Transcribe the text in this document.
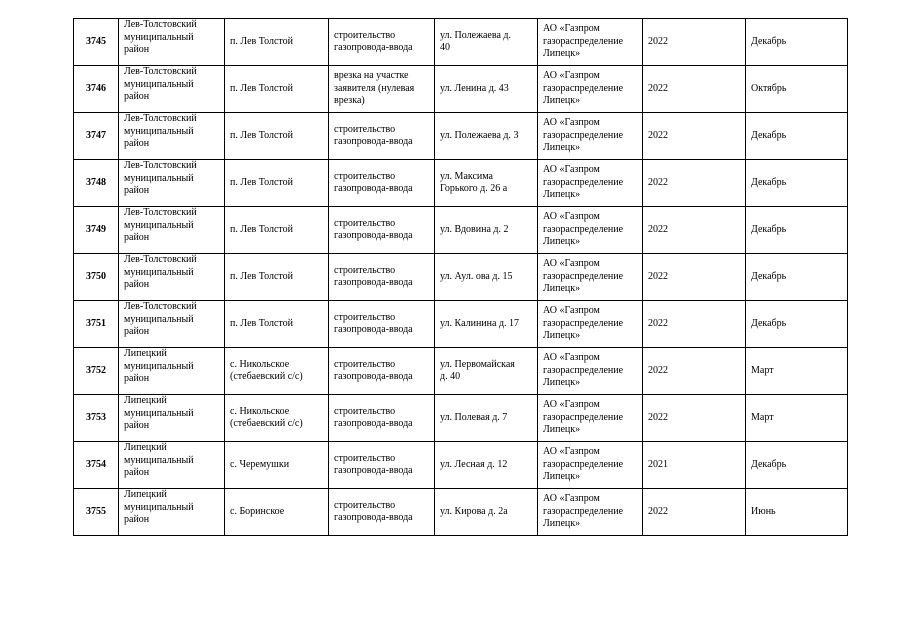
3745	Лев-Толстовский
муниципальный
район	п. Лев Толстой	строительство
газопровода-ввода	ул. Полежаева д.
40	АО «Газпром
газораспределение
Липецк»	2022	Декабрь
3746	Лев-Толстовский
муниципальный
район	п. Лев Толстой	врезка на участке
заявителя (нулевая
врезка)	ул. Ленина д. 43	АО «Газпром
газораспределение
Липецк»	2022	Октябрь
3747	Лев-Толстовский
муниципальный
район	п. Лев Толстой	строительство
газопровода-ввода	ул. Полежаева д. 3	АО «Газпром
газораспределение
Липецк»	2022	Декабрь
3748	Лев-Толстовский
муниципальный
район	п. Лев Толстой	строительство
газопровода-ввода	ул. Максима
Горького д. 26 а	АО «Газпром
газораспределение
Липецк»	2022	Декабрь
3749	Лев-Толстовский
муниципальный
район	п. Лев Толстой	строительство
газопровода-ввода	ул. Вдовина д. 2	АО «Газпром
газораспределение
Липецк»	2022	Декабрь
3750	Лев-Толстовский
муниципальный
район	п. Лев Толстой	строительство
газопровода-ввода	ул. Аул. ова д. 15	АО «Газпром
газораспределение
Липецк»	2022	Декабрь
3751	Лев-Толстовский
муниципальный
район	п. Лев Толстой	строительство
газопровода-ввода	ул. Калинина д. 17	АО «Газпром
газораспределение
Липецк»	2022	Декабрь
3752	Липецкий
муниципальный
район	с. Никольское
(стебаевский с/с)	строительство
газопровода-ввода	ул. Первомайская
д. 40	АО «Газпром
газораспределение
Липецк»	2022	Март
3753	Липецкий
муниципальный
район	с. Никольское
(стебаевский с/с)	строительство
газопровода-ввода	ул. Полевая д. 7	АО «Газпром
газораспределение
Липецк»	2022	Март
3754	Липецкий
муниципальный
район	с. Черемушки	строительство
газопровода-ввода	ул. Лесная д. 12	АО «Газпром
газораспределение
Липецк»	2021	Декабрь
3755	Липецкий
муниципальный
район	с. Боринское	строительство
газопровода-ввода	ул. Кирова д. 2а	АО «Газпром
газораспределение
Липецк»	2022	Июнь
